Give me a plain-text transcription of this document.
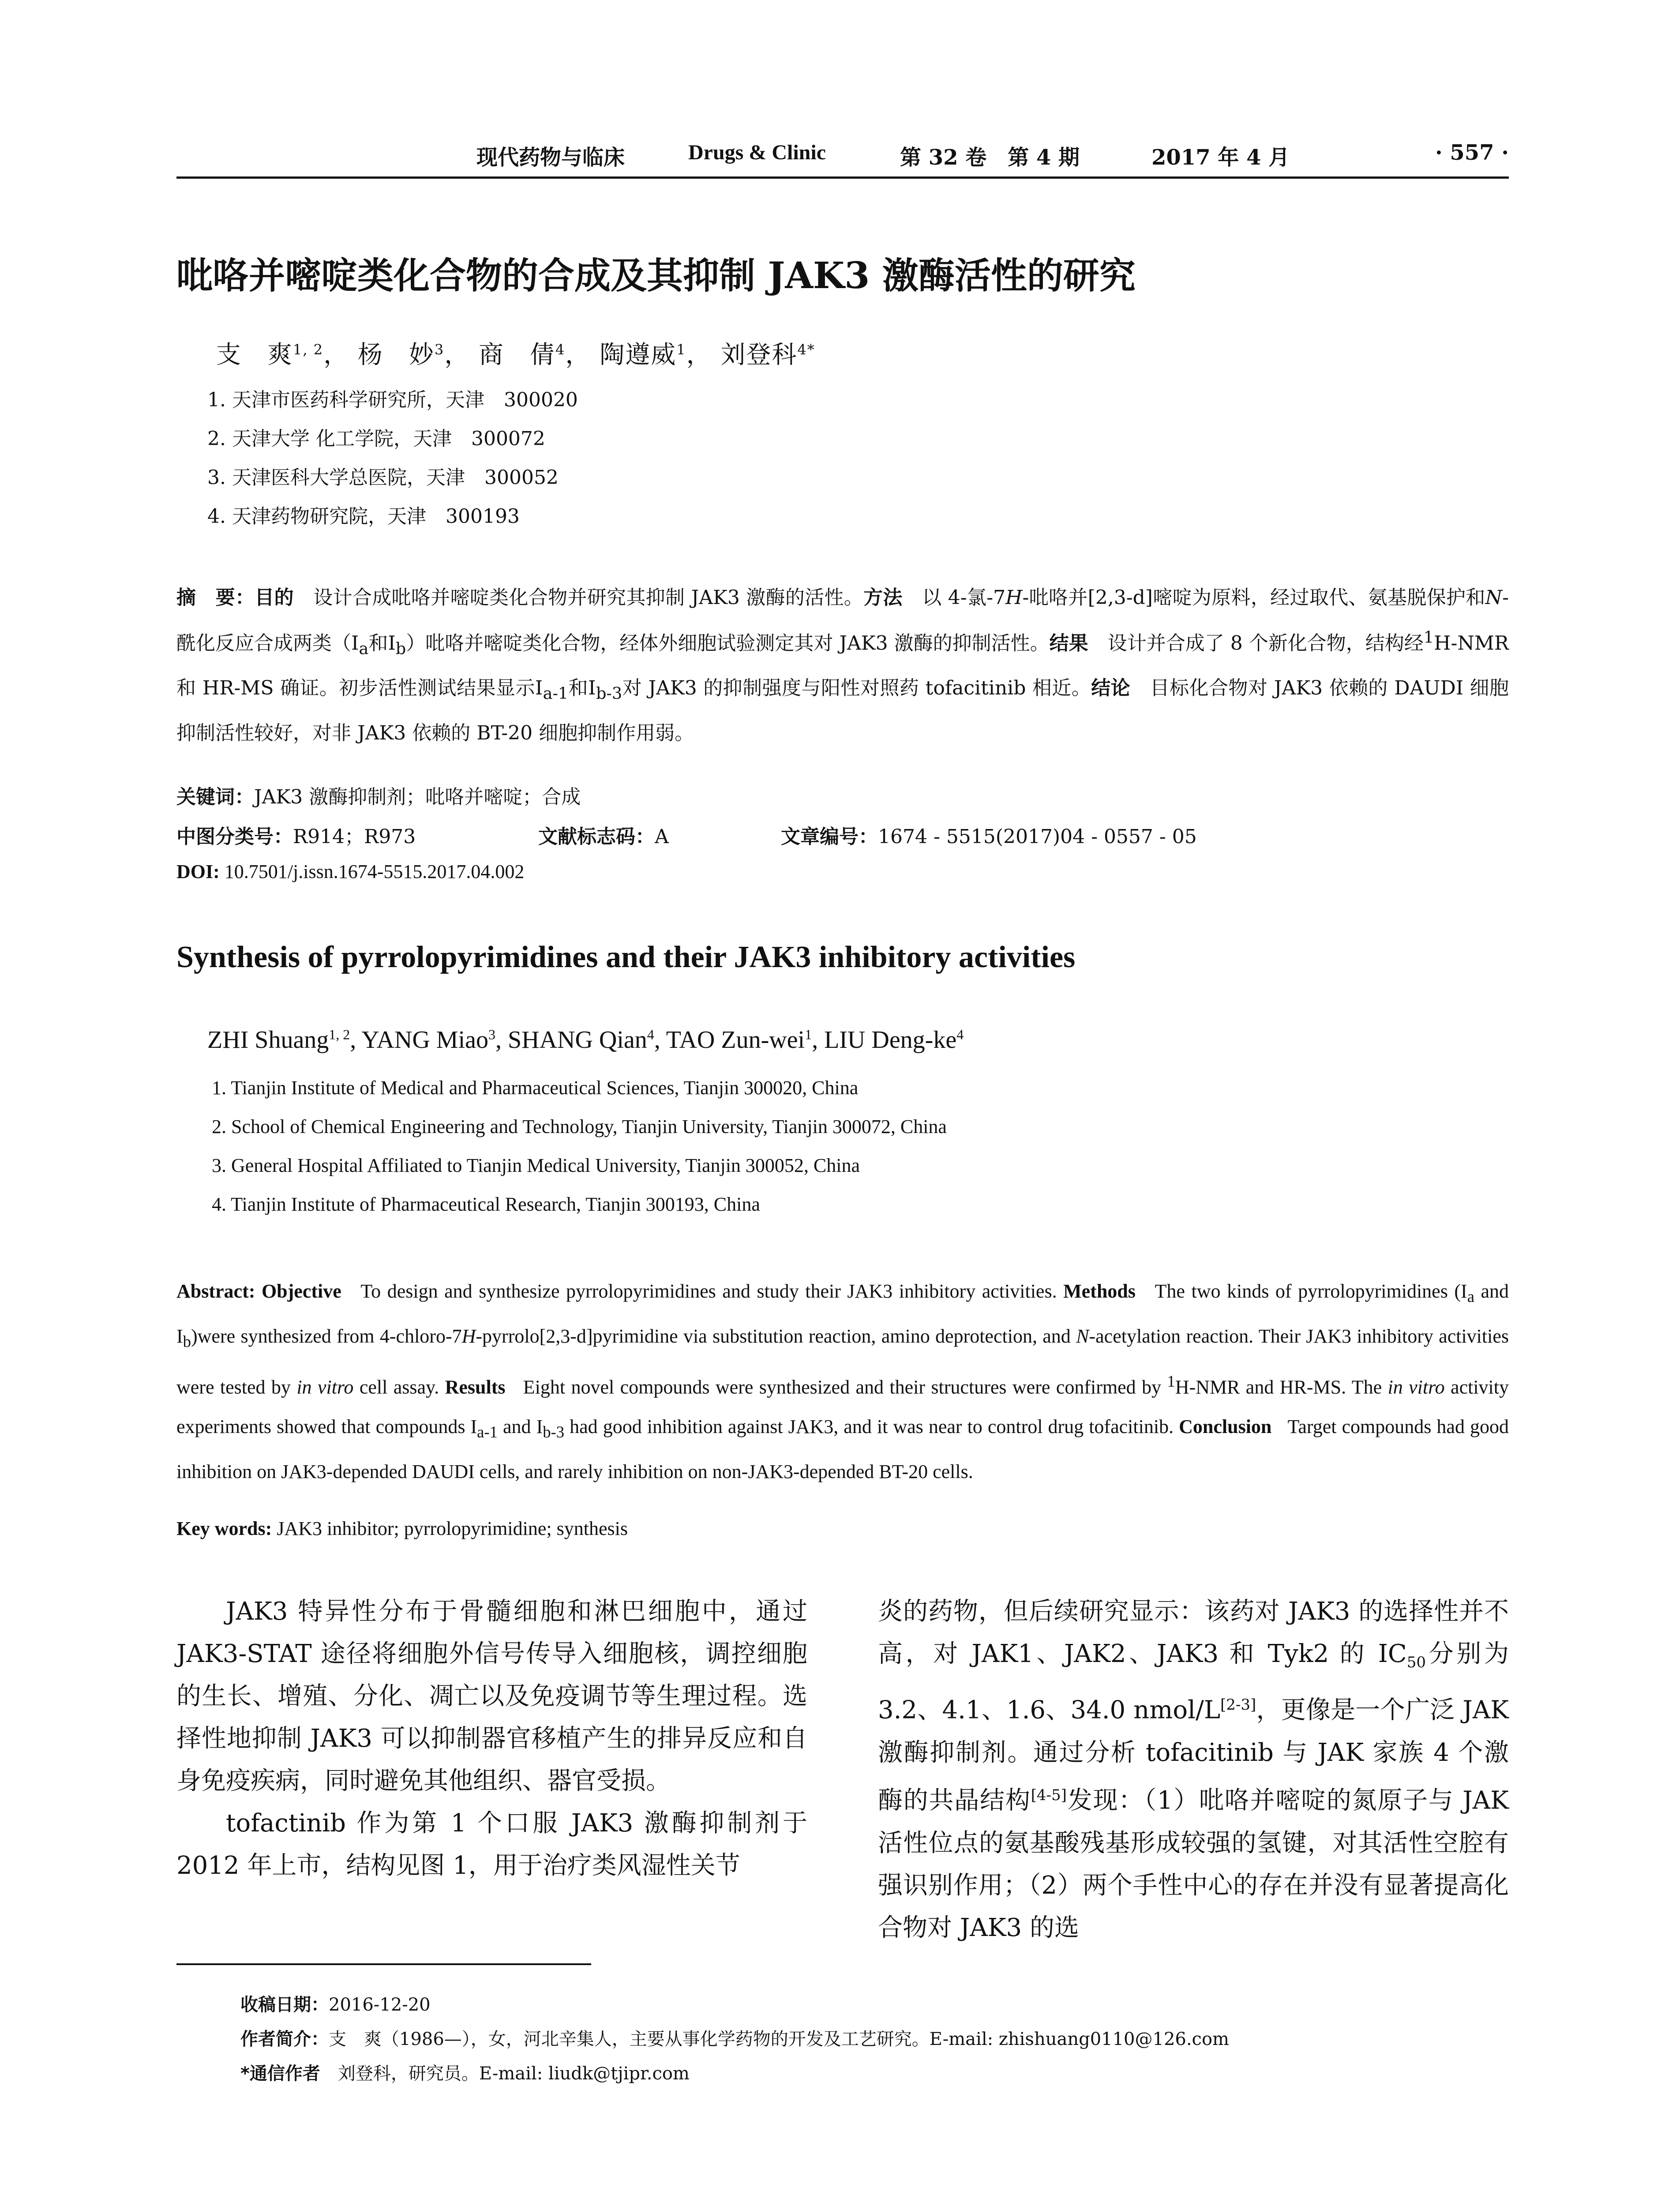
现代药物与临床	Drugs & Clinic	第 32 卷　第 4 期	2017 年 4 月	· 557 ·
吡咯并嘧啶类化合物的合成及其抑制 JAK3 激酶活性的研究
支　爽$^{1, 2}$， 杨　妙$^3$， 商　倩$^4$， 陶遵威$^1$， 刘登科$^{4*}$
1. 天津市医药科学研究所，天津　300020
2. 天津大学 化工学院，天津　300072
3. 天津医科大学总医院，天津　300052
4. 天津药物研究院，天津　300193
摘　要：目的　 设计合成吡咯并嘧啶类化合物并研究其抑制 JAK3 激酶的活性。方法　 以 4-氯-7H-吡咯并[2,3-d]嘧啶为原料，经过取代、氨基脱保护和N-酰化反应合成两类（$Ⅰ_a$和$Ⅰ_b$）吡咯并嘧啶类化合物，经体外细胞试验测定其对 JAK3 激酶的抑制活性。结果　 设计并合成了 8 个新化合物，结构经$^1$H-NMR 和 HR-MS 确证。初步活性测试结果显示$Ⅰ_{a-1}$和$Ⅰ_{b-3}$对 JAK3 的抑制强度与阳性对照药 tofacitinib 相近。结论　 目标化合物对 JAK3 依赖的 DAUDI 细胞抑制活性较好，对非 JAK3 依赖的 BT-20 细胞抑制作用弱。
关键词：JAK3 激酶抑制剂；吡咯并嘧啶；合成
中图分类号：R914；R973	文献标志码：A	文章编号：1674 - 5515(2017)04 - 0557 - 05
DOI: 10.7501/j.issn.1674-5515.2017.04.002
Synthesis of pyrrolopyrimidines and their JAK3 inhibitory activities
ZHI Shuang$^{1, 2}$, YANG Miao$^3$, SHANG Qian$^4$, TAO Zun-wei$^1$, LIU Deng-$ke^4$
1. Tianjin Institute of Medical and Pharmaceutical Sciences, Tianjin 300020, China
2. School of Chemical Engineering and Technology, Tianjin University, Tianjin 300072, China
3. General Hospital Affiliated to Tianjin Medical University, Tianjin 300052, China
4. Tianjin Institute of Pharmaceutical Research, Tianjin 300193, China
Abstract: Objective To design and synthesize pyrrolopyrimidines and study their JAK3 inhibitory activities. Methods The two kinds of pyrrolopyrimidines ($I_a$ and $I_b)were$ synthesized from 4-chloro-7H-pyrrolo[2,3-d]pyrimidine via substitution reaction, amino deprotection, and N-acetylation reaction. Their JAK3 inhibitory activities were tested by in vitro cell assay. Results Eight novel compounds were synthesized and their structures were confirmed by $^1$H-NMR and HR-MS. The in vitro activity experiments showed that compounds $I_{a-1}$ and $I_{b-3}$ had good inhibition against JAK3, and it was near to control drug tofacitinib. Conclusion Target compounds had good inhibition on JAK3-depended DAUDI cells, and rarely inhibition on non-JAK3-depended BT-20 cells.
Key words: JAK3 inhibitor; pyrrolopyrimidine; synthesis

JAK3 特异性分布于骨髓细胞和淋巴细胞中，通过 JAK3-STAT 途径将细胞外信号传导入细胞核，调控细胞的生长、增殖、分化、凋亡以及免疫调节等生理过程。选择性地抑制 JAK3 可以抑制器官移植产生的排异反应和自身免疫疾病，同时避免其他组织、器官受损。

tofactinib 作为第 1 个口服 JAK3 激酶抑制剂于 2012 年上市，结构见图 1，用于治疗类风湿性关节

炎的药物，但后续研究显示：该药对 JAK3 的选择性并不高，对 JAK1、JAK2、JAK3 和 Tyk2 的 $IC_{50}$分别为 3.2、4.1、1.6、34.0 nmol/L[2-3]，更像是一个广泛 JAK 激酶抑制剂。通过分析 tofacitinib 与 JAK 家族 4 个激酶的共晶结构[4-5]发现：（1）吡咯并嘧啶的氮原子与 JAK 活性位点的氨基酸残基形成较强的氢键，对其活性空腔有强识别作用；（2）两个手性中心的存在并没有显著提高化合物对 JAK3 的选

收稿日期：2016-12-20
作者简介：支　爽（1986—），女，河北辛集人，主要从事化学药物的开发及工艺研究。E-mail: zhishuang0110@126.com
*通信作者　刘登科，研究员。E-mail: liudk@tjipr.com
